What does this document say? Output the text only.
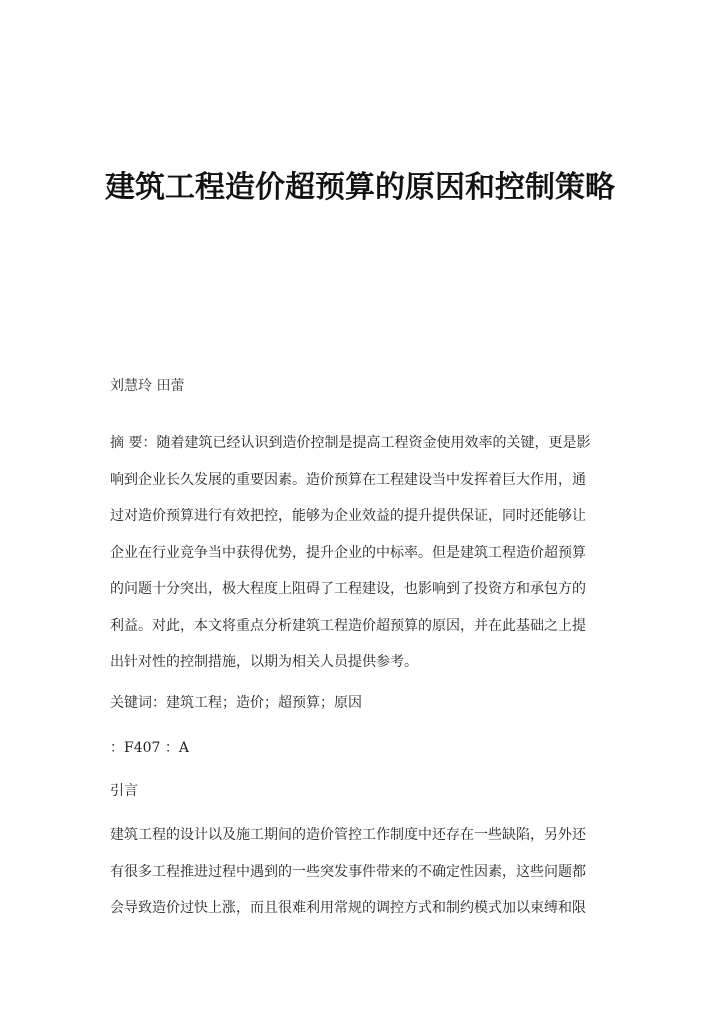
建筑工程造价超预算的原因和控制策略
刘慧玲 田蕾
摘 要：随着建筑已经认识到造价控制是提高工程资金使用效率的关键，更是影
响到企业长久发展的重要因素。造价预算在工程建设当中发挥着巨大作用，通
过对造价预算进行有效把控，能够为企业效益的提升提供保证，同时还能够让
企业在行业竞争当中获得优势，提升企业的中标率。但是建筑工程造价超预算
的问题十分突出，极大程度上阻碍了工程建设，也影响到了投资方和承包方的
利益。对此，本文将重点分析建筑工程造价超预算的原因，并在此基础之上提
出针对性的控制措施，以期为相关人员提供参考。
关键词：建筑工程；造价；超预算；原因
：F407 ：A
引言
建筑工程的设计以及施工期间的造价管控工作制度中还存在一些缺陷，另外还
有很多工程推进过程中遇到的一些突发事件带来的不确定性因素，这些问题都
会导致造价过快上涨，而且很难利用常规的调控方式和制约模式加以束缚和限
